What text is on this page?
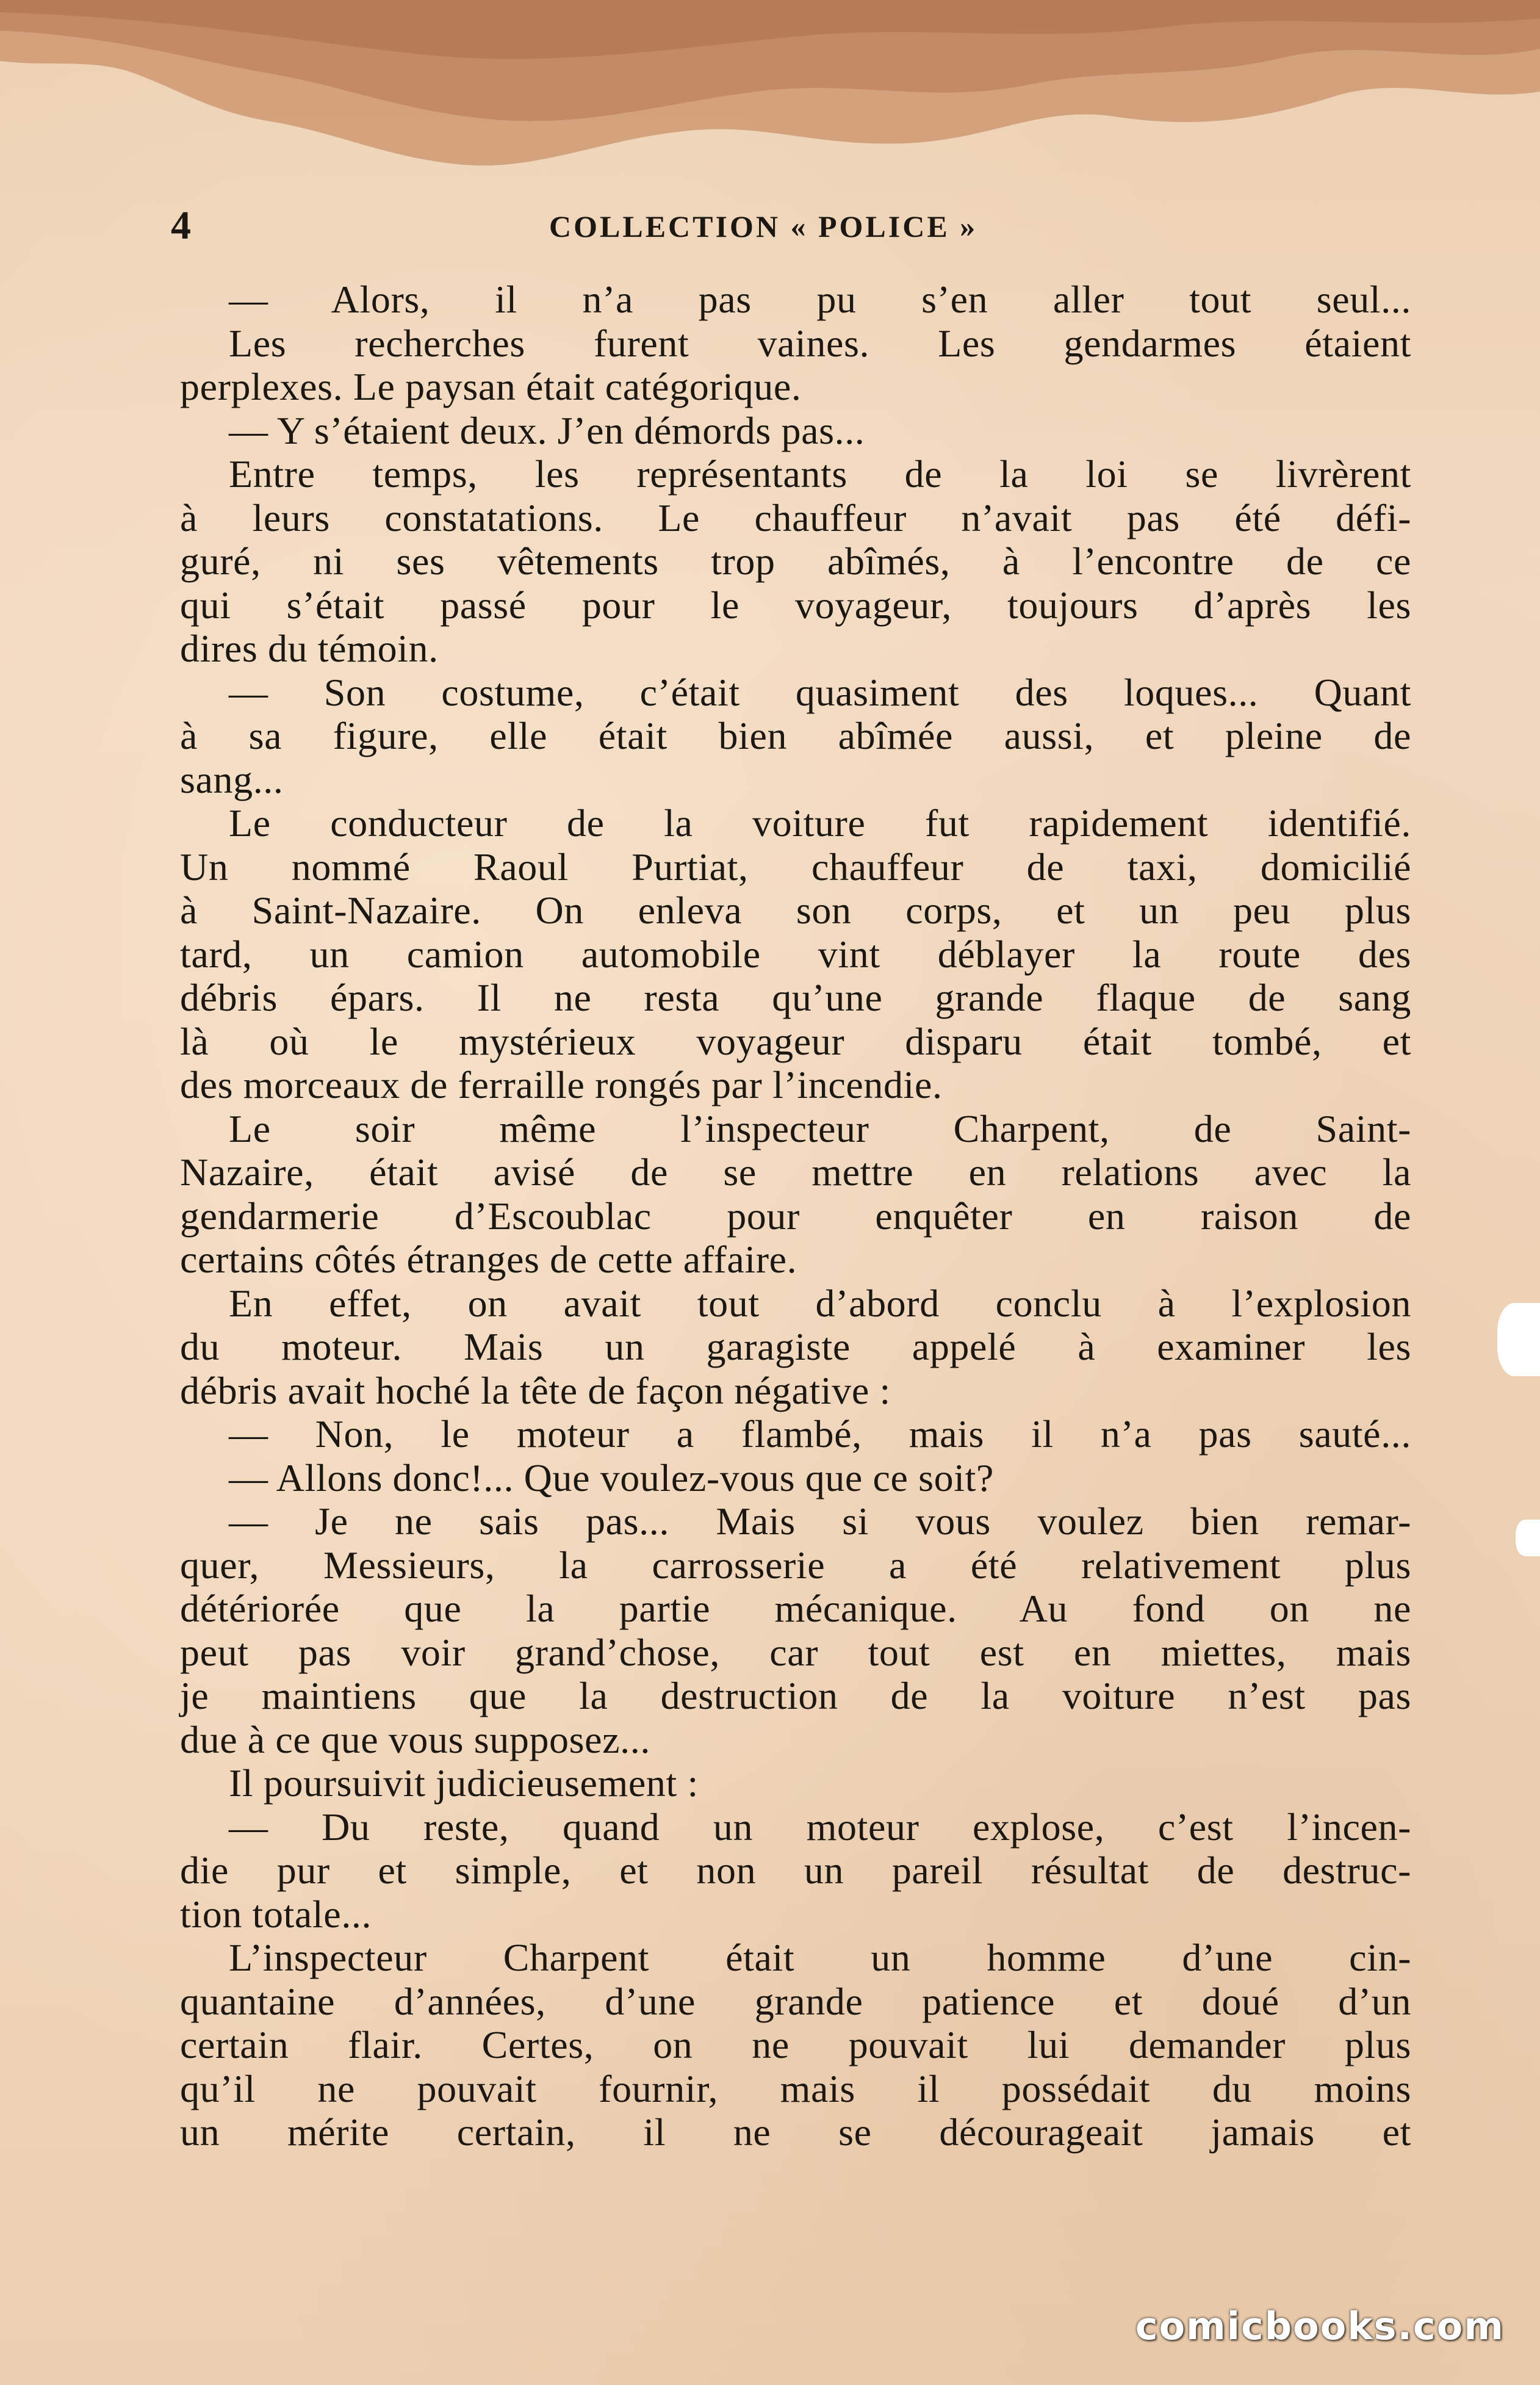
4	COLLECTION « POLICE »
— Alors, il n’a pas pu s’en aller tout seul...
Les recherches furent vaines. Les gendarmes étaient
perplexes. Le paysan était catégorique.
— Y s’étaient deux. J’en démords pas...
Entre temps, les représentants de la loi se livrèrent
à leurs constatations. Le chauffeur n’avait pas été défi-
guré, ni ses vêtements trop abîmés, à l’encontre de ce
qui s’était passé pour le voyageur, toujours d’après les
dires du témoin.
— Son costume, c’était quasiment des loques... Quant
à sa figure, elle était bien abîmée aussi, et pleine de
sang...
Le conducteur de la voiture fut rapidement identifié.
Un nommé Raoul Purtiat, chauffeur de taxi, domicilié
à Saint-Nazaire. On enleva son corps, et un peu plus
tard, un camion automobile vint déblayer la route des
débris épars. Il ne resta qu’une grande flaque de sang
là où le mystérieux voyageur disparu était tombé, et
des morceaux de ferraille rongés par l’incendie.
Le soir même l’inspecteur Charpent, de Saint-
Nazaire, était avisé de se mettre en relations avec la
gendarmerie d’Escoublac pour enquêter en raison de
certains côtés étranges de cette affaire.
En effet, on avait tout d’abord conclu à l’explosion
du moteur. Mais un garagiste appelé à examiner les
débris avait hoché la tête de façon négative :
— Non, le moteur a flambé, mais il n’a pas sauté...
— Allons donc!... Que voulez-vous que ce soit?
— Je ne sais pas... Mais si vous voulez bien remar-
quer, Messieurs, la carrosserie a été relativement plus
détériorée que la partie mécanique. Au fond on ne
peut pas voir grand’chose, car tout est en miettes, mais
je maintiens que la destruction de la voiture n’est pas
due à ce que vous supposez...
Il poursuivit judicieusement :
— Du reste, quand un moteur explose, c’est l’incen-
die pur et simple, et non un pareil résultat de destruc-
tion totale...
L’inspecteur Charpent était un homme d’une cin-
quantaine d’années, d’une grande patience et doué d’un
certain flair. Certes, on ne pouvait lui demander plus
qu’il ne pouvait fournir, mais il possédait du moins
un mérite certain, il ne se décourageait jamais et
comicbooks.com
